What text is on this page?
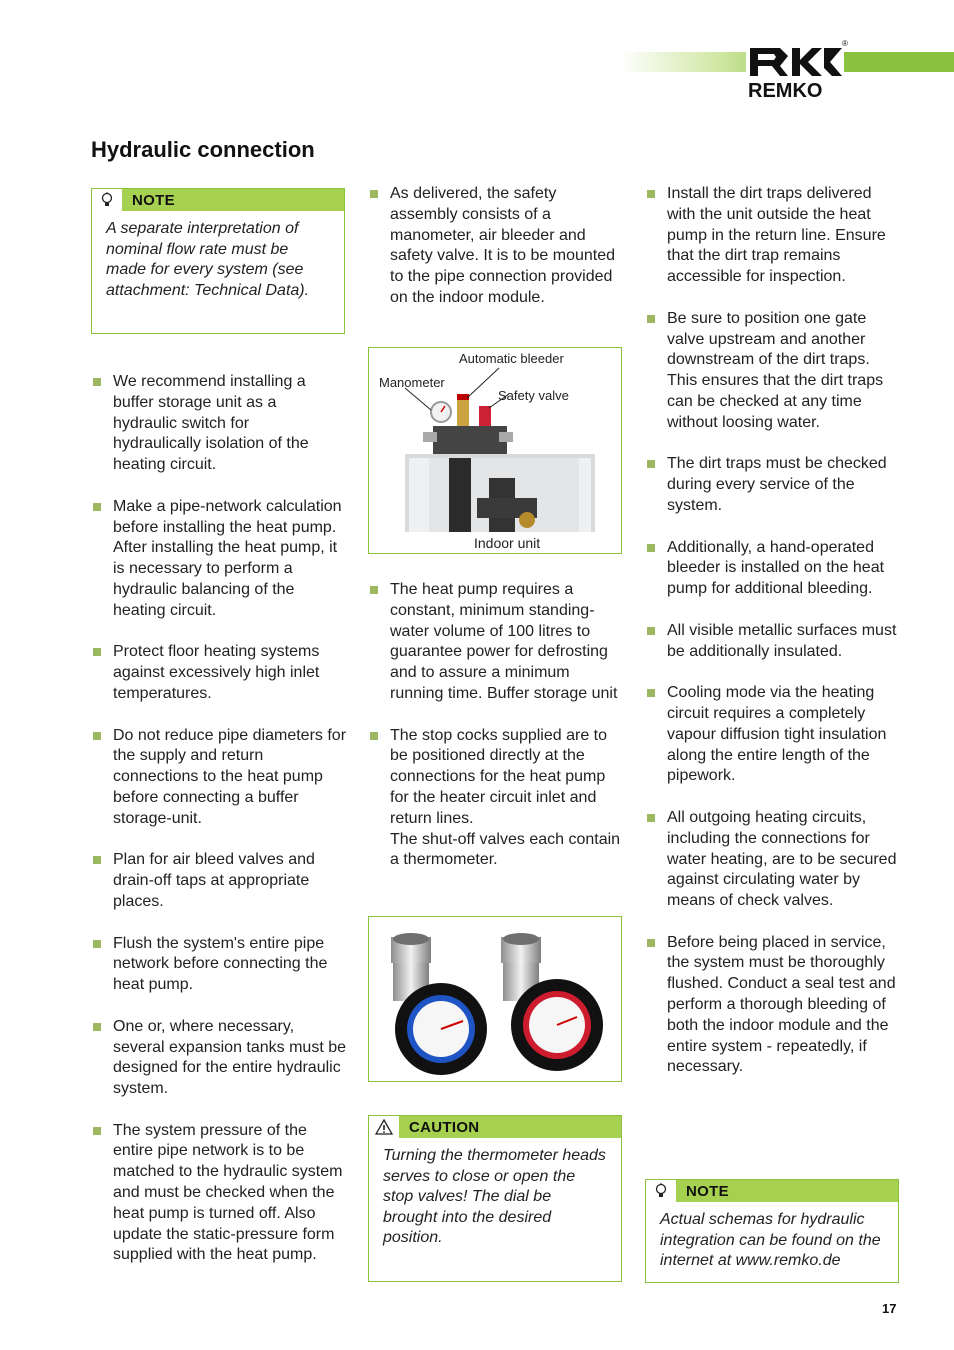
REMKO
®
Hydraulic connection
NOTE
A separate interpretation of nominal flow rate must be made for every system (see attachment: Technical Data).
We recommend installing a buffer storage unit as a hydraulic switch for hydraulically isolation of the heating circuit.
Make a pipe-network calculation before installing the heat pump. After installing the heat pump, it is necessary to perform a hydraulic balancing of the heating circuit.
Protect floor heating systems against excessively high inlet temperatures.
Do not reduce pipe diameters for the supply and return connections to the heat pump before connecting a buffer storage-unit.
Plan for air bleed valves and drain-off taps at appropriate places.
Flush the system's entire pipe network before connecting the heat pump.
One or, where necessary, several expansion tanks must be designed for the entire hydraulic system.
The system pressure of the entire pipe network is to be matched to the hydraulic system and must be checked when the heat pump is turned off. Also update the static-pressure form supplied with the heat pump.
As delivered, the safety assembly consists of a manometer, air bleeder and safety valve. It is to be mounted to the pipe connection provided on the indoor module.
Automatic bleeder
Manometer
Safety valve
Indoor unit
The heat pump requires a constant, minimum standing-water volume of 100 litres to guarantee power for defrosting and to assure a minimum running time. Buffer storage unit
The stop cocks supplied are to be positioned directly at the connections for the heat pump for the heater circuit inlet and return lines.
The shut-off valves each contain a thermometer.
CAUTION
Turning the thermometer heads serves to close or open the stop valves! The dial be brought into the desired position.
Install the dirt traps delivered with the unit outside the heat pump in the return line. Ensure that the dirt trap remains accessible for inspection.
Be sure to position one gate valve upstream and another downstream of the dirt traps. This ensures that the dirt traps can be checked at any time without loosing water.
The dirt traps must be checked during every service of the system.
Additionally, a hand-operated bleeder is installed on the heat pump for additional bleeding.
All visible metallic surfaces must be additionally insulated.
Cooling mode via the heating circuit requires a completely vapour diffusion tight insulation along the entire length of the pipework.
All outgoing heating circuits, including the connections for water heating, are to be secured against circulating water by means of check valves.
Before being placed in service, the system must be thoroughly flushed. Conduct a seal test and perform a thorough bleeding of both the indoor module and the entire system - repeatedly, if necessary.
NOTE
Actual schemas for hydraulic integration can be found on the internet at www.remko.de
17
